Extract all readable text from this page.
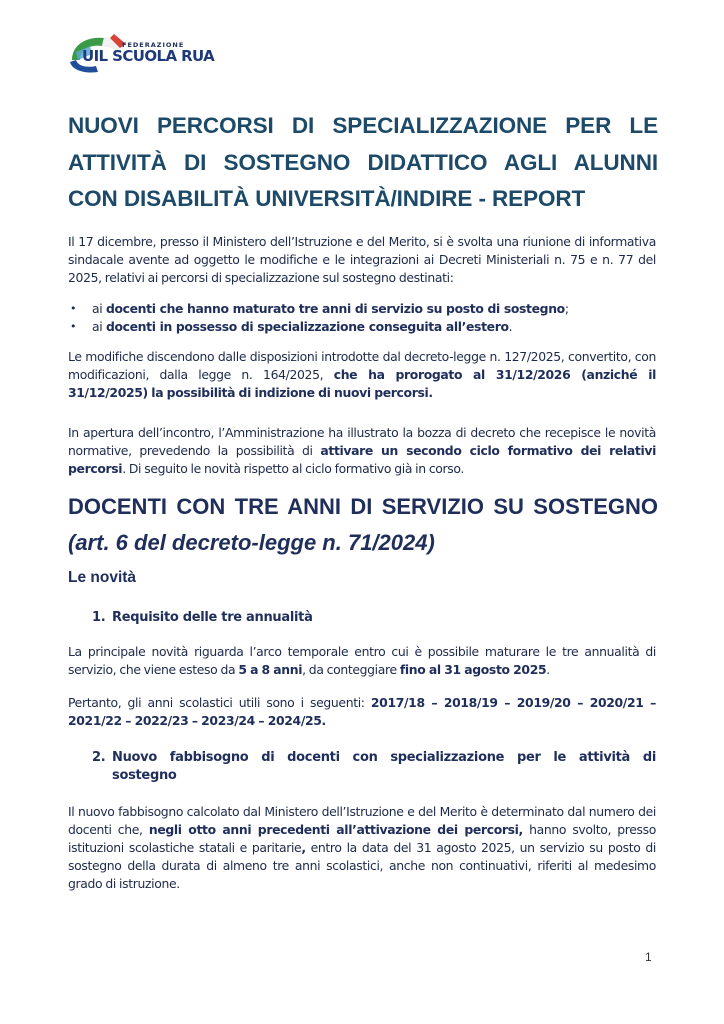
FEDERAZIONE
UIL SCUOLA RUA
NUOVI PERCORSI DI SPECIALIZZAZIONE PER LE ATTIVITÀ DI SOSTEGNO DIDATTICO AGLI ALUNNI CON DISABILITÀ UNIVERSITÀ/INDIRE - REPORT

Il 17 dicembre, presso il Ministero dell’Istruzione e del Merito, si è svolta una riunione di informativa sindacale avente ad oggetto le modifiche e le integrazioni ai Decreti Ministeriali n. 75 e n. 77 del 2025, relativi ai percorsi di specializzazione sul sostegno destinati:

• ai docenti che hanno maturato tre anni di servizio su posto di sostegno;
• ai docenti in possesso di specializzazione conseguita all’estero.

Le modifiche discendono dalle disposizioni introdotte dal decreto-legge n. 127/2025, convertito, con modificazioni, dalla legge n. 164/2025, che ha prorogato al 31/12/2026 (anziché il 31/12/2025) la possibilità di indizione di nuovi percorsi.

In apertura dell’incontro, l’Amministrazione ha illustrato la bozza di decreto che recepisce le novità normative, prevedendo la possibilità di attivare un secondo ciclo formativo dei relativi percorsi. Di seguito le novità rispetto al ciclo formativo già in corso.

DOCENTI CON TRE ANNI DI SERVIZIO SU SOSTEGNO
(art. 6 del decreto-legge n. 71/2024)
Le novità
1. Requisito delle tre annualità

La principale novità riguarda l’arco temporale entro cui è possibile maturare le tre annualità di servizio, che viene esteso da 5 a 8 anni, da conteggiare fino al 31 agosto 2025.

Pertanto, gli anni scolastici utili sono i seguenti: 2017/18 – 2018/19 – 2019/20 – 2020/21 – 2021/22 – 2022/23 – 2023/24 – 2024/25.

2. Nuovo fabbisogno di docenti con specializzazione per le attività di sostegno

Il nuovo fabbisogno calcolato dal Ministero dell’Istruzione e del Merito è determinato dal numero dei docenti che, negli otto anni precedenti all’attivazione dei percorsi, hanno svolto, presso istituzioni scolastiche statali e paritarie, entro la data del 31 agosto 2025, un servizio su posto di sostegno della durata di almeno tre anni scolastici, anche non continuativi, riferiti al medesimo grado di istruzione.

1
